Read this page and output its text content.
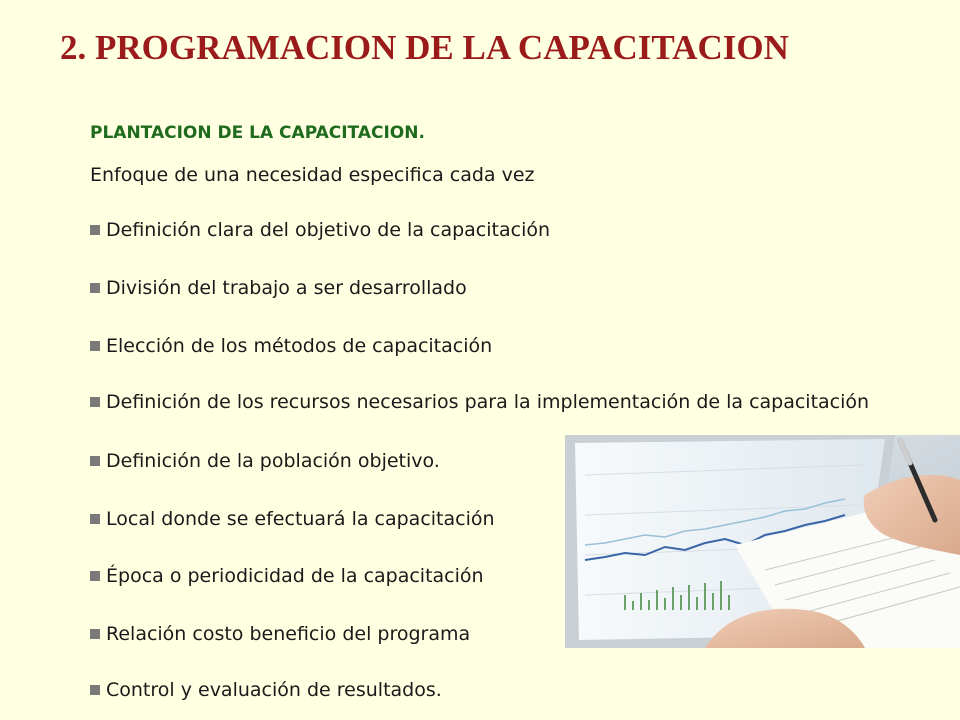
2. PROGRAMACION DE LA CAPACITACION
PLANTACION DE LA CAPACITACION.
Enfoque de una necesidad especifica cada vez
Definición clara del objetivo de la capacitación
División del trabajo a ser desarrollado
Elección de los métodos de capacitación
Definición de los recursos necesarios para la implementación de la capacitación
Definición de la población objetivo.
Local donde se efectuará la capacitación
Época o periodicidad de la capacitación
Relación costo beneficio del programa
Control y evaluación de resultados.
